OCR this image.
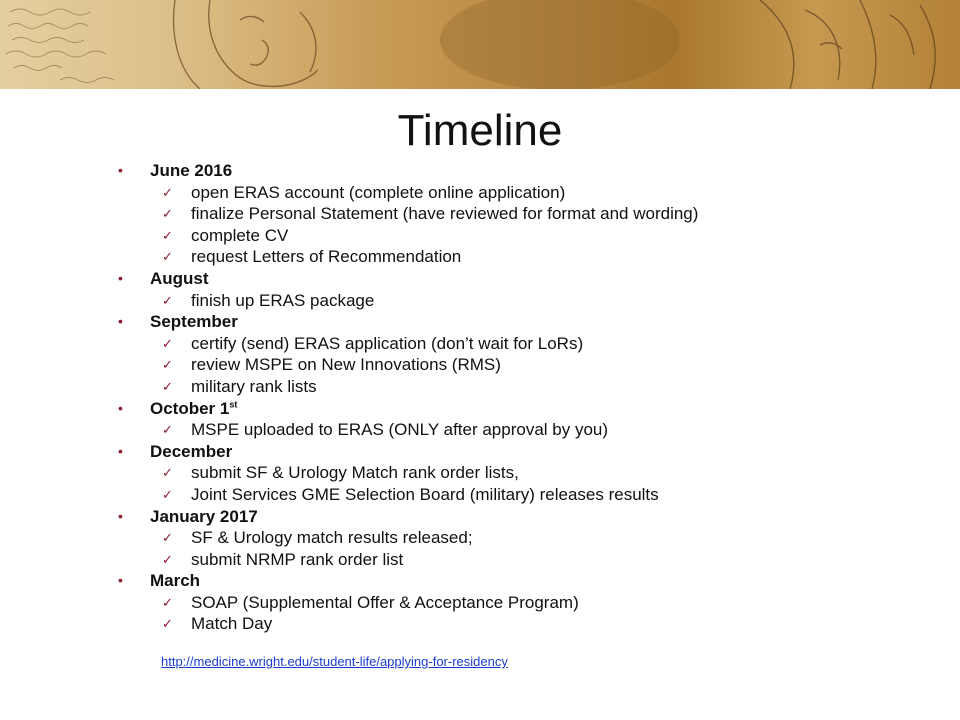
Timeline
• June 2016
✓ open ERAS account (complete online application)
✓ finalize Personal Statement (have reviewed for format and wording)
✓ complete CV
✓ request Letters of Recommendation
• August
✓ finish up ERAS package
• September
✓ certify (send) ERAS application (don’t wait for LoRs)
✓ review MSPE on New Innovations (RMS)
✓ military rank lists
• October 1st
✓ MSPE uploaded to ERAS (ONLY after approval by you)
• December
✓ submit SF & Urology Match rank order lists,
✓ Joint Services GME Selection Board (military) releases results
• January 2017
✓ SF & Urology match results released;
✓ submit NRMP rank order list
• March
✓ SOAP (Supplemental Offer & Acceptance Program)
✓ Match Day
http://medicine.wright.edu/student-life/applying-for-residency
